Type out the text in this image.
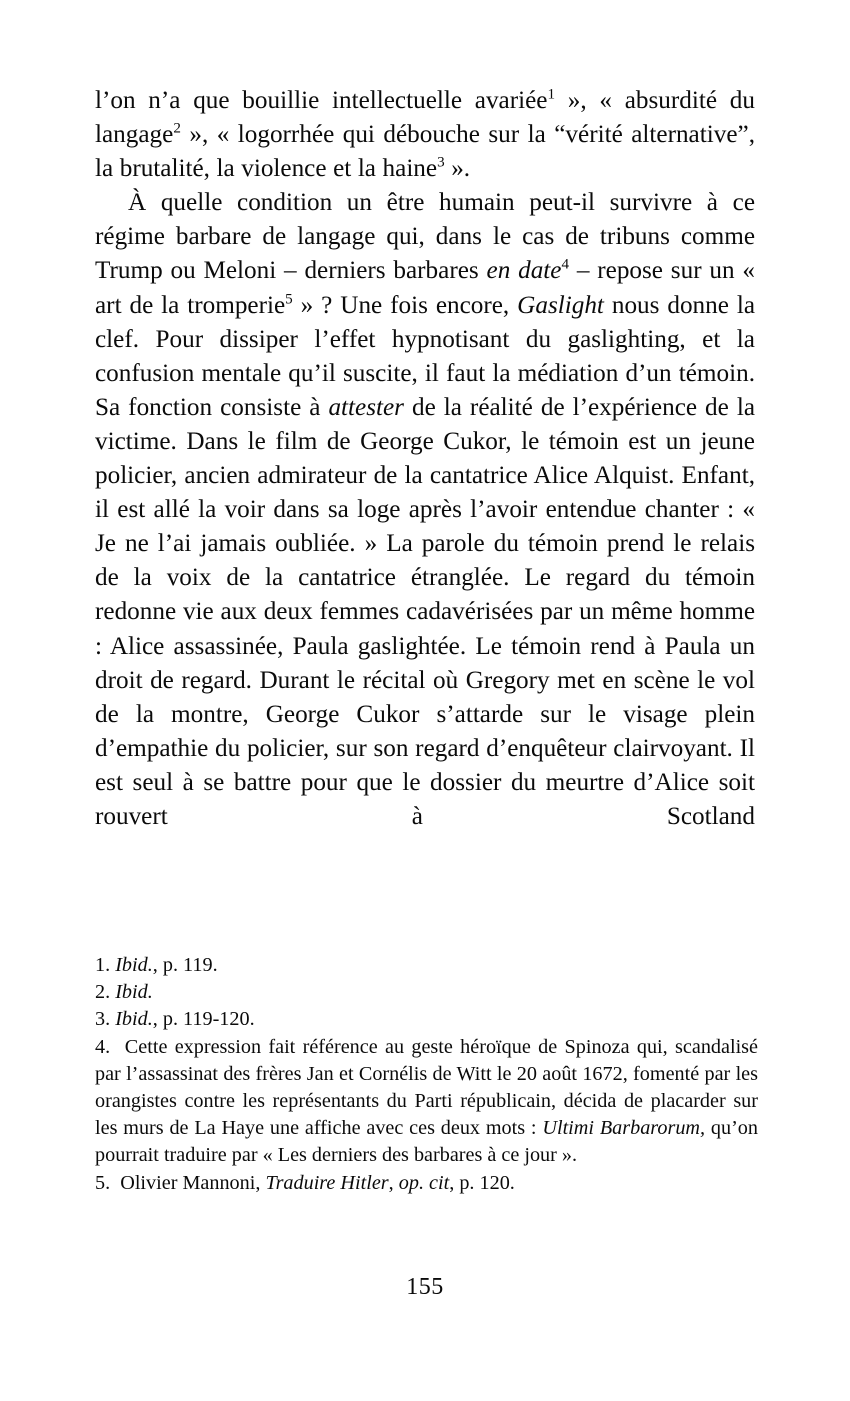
l’on n’a que bouillie intellectuelle avariée$^1$ », « absurdité du langage$^2$ », « logorrhée qui débouche sur la “vérité alternative”, la brutalité, la violence et la haine$^3$ ».

À quelle condition un être humain peut-il survivre à ce régime barbare de langage qui, dans le cas de tribuns comme Trump ou Meloni – derniers barbares en date$^4$ – repose sur un « art de la tromperie$^5$ » ? Une fois encore, Gaslight nous donne la clef. Pour dissiper l’effet hypnotisant du gaslighting, et la confusion mentale qu’il suscite, il faut la médiation d’un témoin. Sa fonction consiste à attester de la réalité de l’expérience de la victime. Dans le film de George Cukor, le témoin est un jeune policier, ancien admirateur de la cantatrice Alice Alquist. Enfant, il est allé la voir dans sa loge après l’avoir entendue chanter : « Je ne l’ai jamais oubliée. » La parole du témoin prend le relais de la voix de la cantatrice étranglée. Le regard du témoin redonne vie aux deux femmes cadavérisées par un même homme : Alice assassinée, Paula gaslightée. Le témoin rend à Paula un droit de regard. Durant le récital où Gregory met en scène le vol de la montre, George Cukor s’attarde sur le visage plein d’empathie du policier, sur son regard d’enquêteur clairvoyant. Il est seul à se battre pour que le dossier du meurtre d’Alice soit rouvert à Scotland

1. Ibid., p. 119.

2. Ibid.

3. Ibid., p. 119-120.

4. Cette expression fait référence au geste héroïque de Spinoza qui, scandalisé par l’assassinat des frères Jan et Cornélis de Witt le 20 août 1672, fomenté par les orangistes contre les représentants du Parti républicain, décida de placarder sur les murs de La Haye une affiche avec ces deux mots : Ultimi Barbarorum, qu’on pourrait traduire par « Les derniers des barbares à ce jour ».

5. Olivier Mannoni, Traduire Hitler, op. cit, p. 120.

155
